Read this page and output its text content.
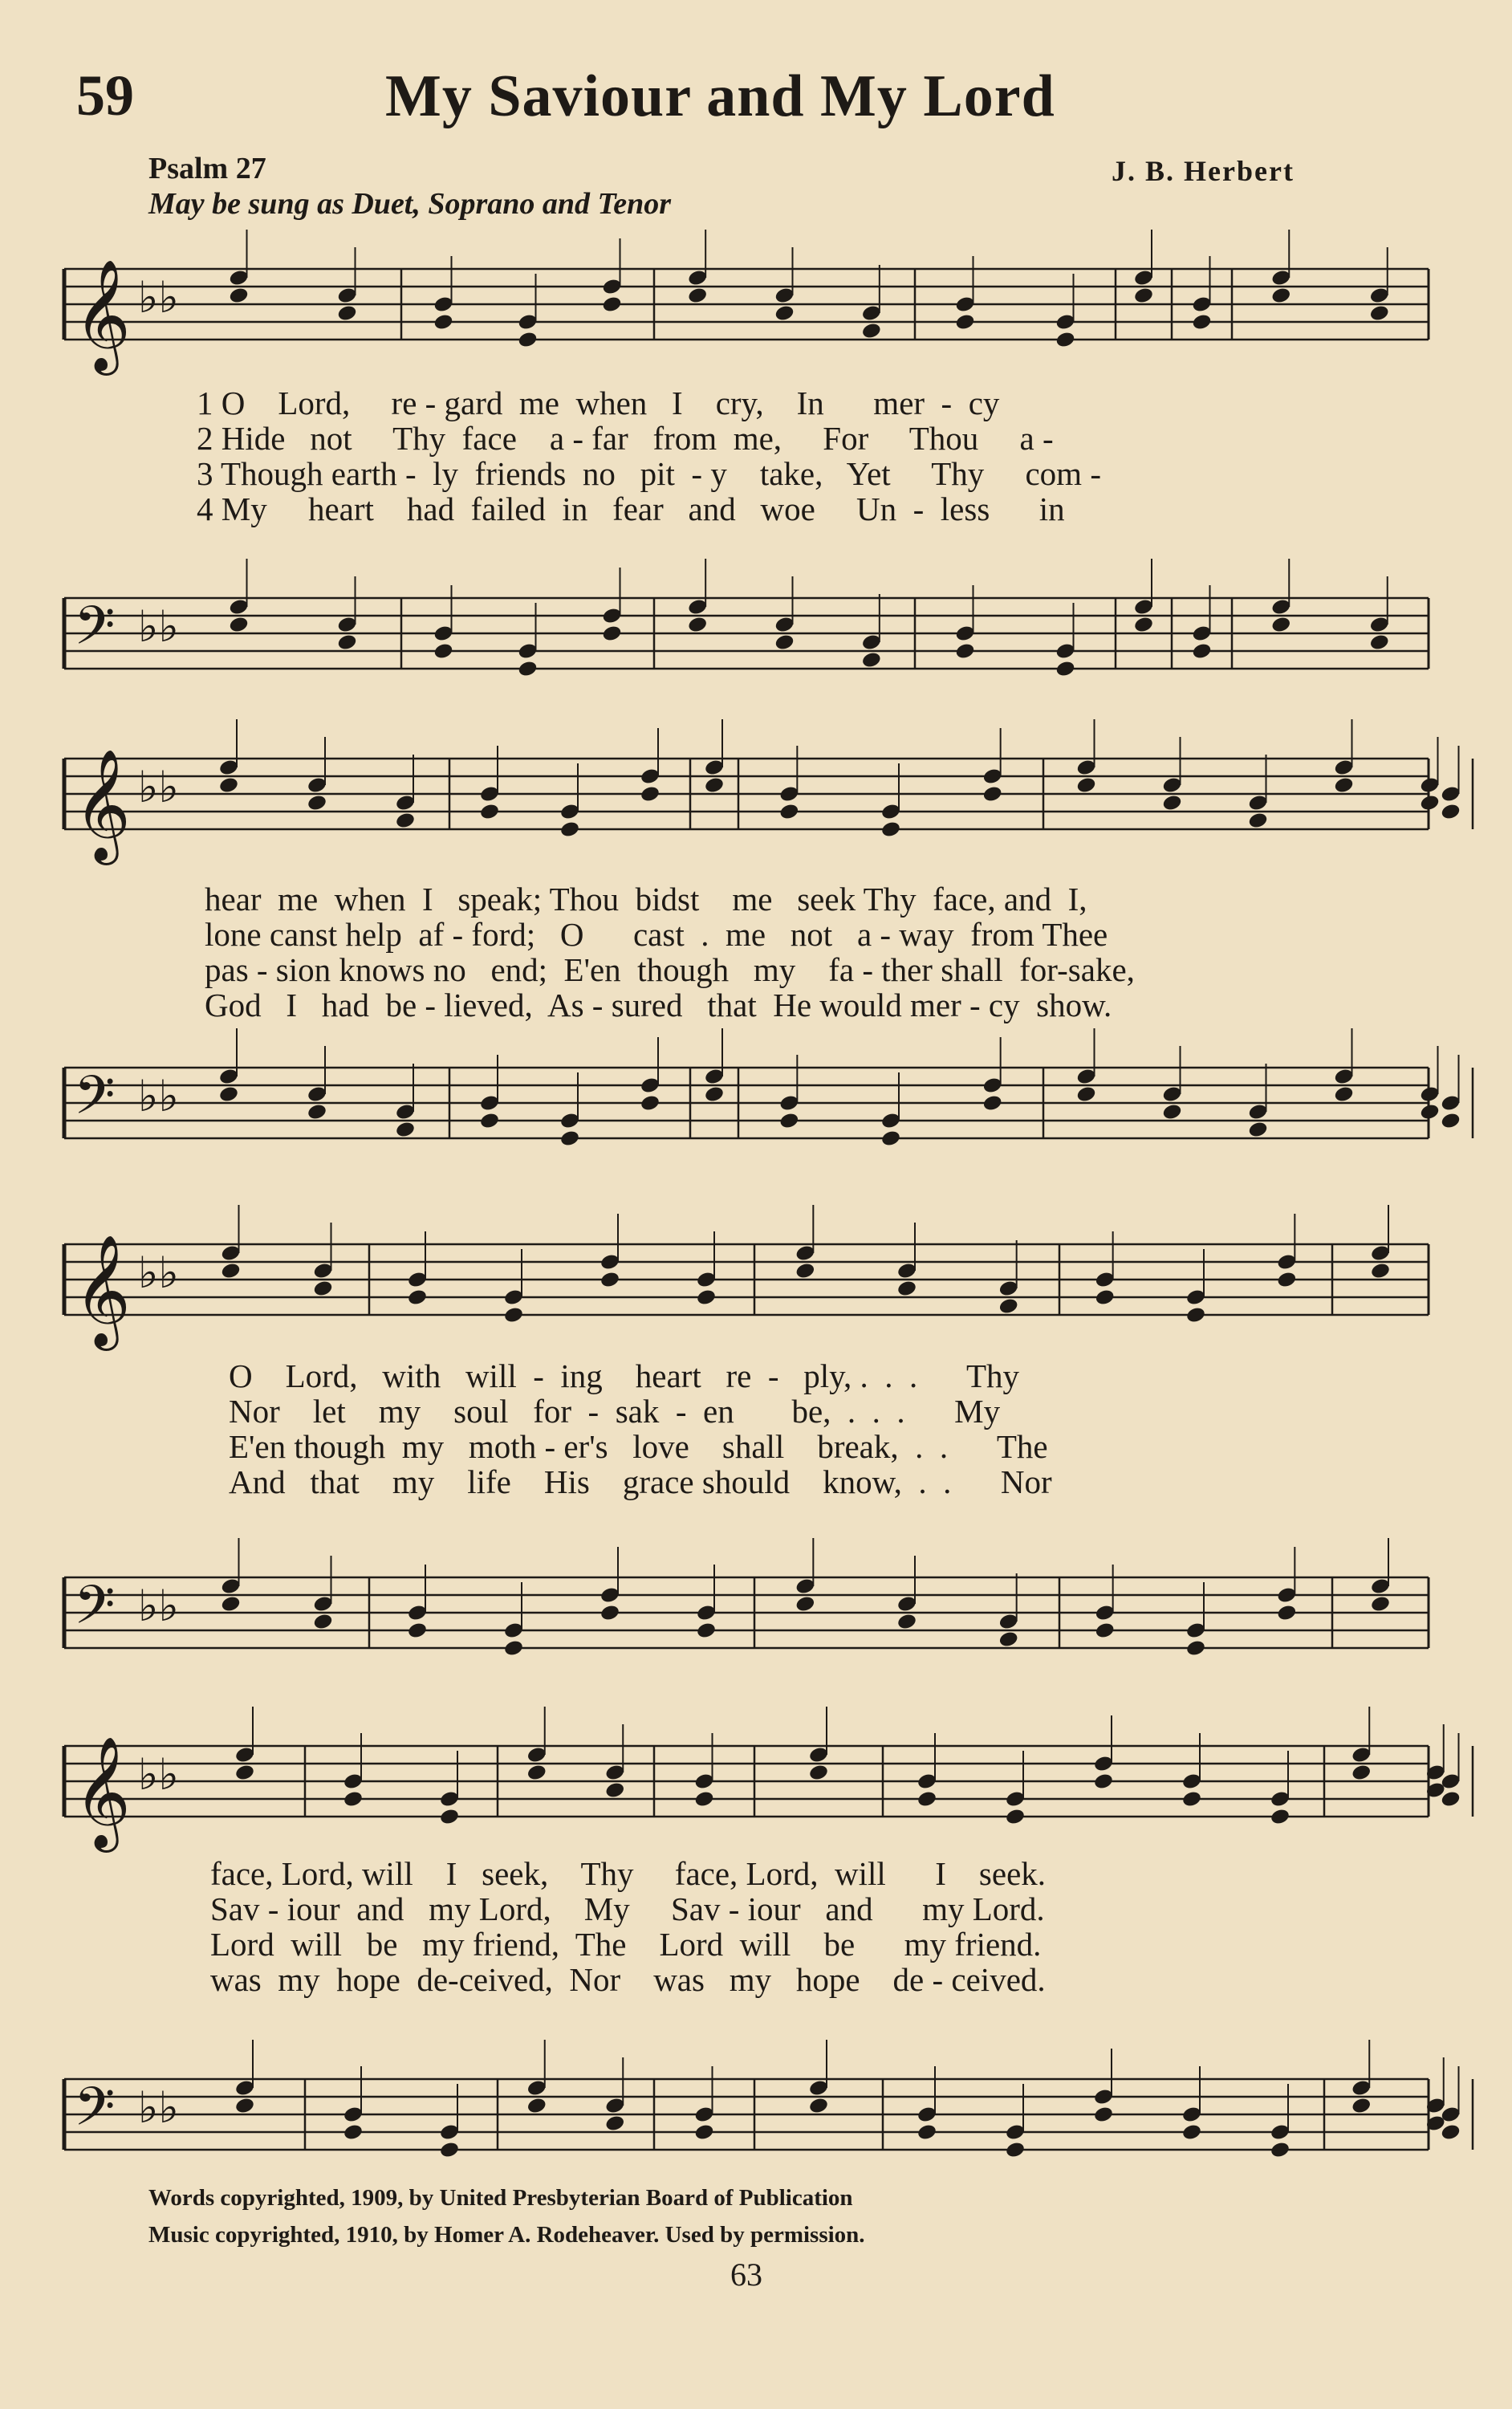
59	My Saviour and My Lord
Psalm 27
May be sung as Duet, Soprano and Tenor
J. B. Herbert
𝄞 ♭♭
1 O    Lord,     re - gard  me  when   I    cry,    In      mer  -  cy
2 Hide   not     Thy  face    a - far   from  me,     For     Thou     a -
3 Though earth -  ly  friends  no   pit  - y    take,   Yet     Thy     com -
4 My     heart    had  failed  in   fear   and   woe     Un  -  less      in
𝄢 ♭♭
𝄞 ♭♭
hear  me  when  I   speak; Thou  bidst    me   seek Thy  face, and  I,
lone canst help  af - ford;   O      cast  .  me   not   a - way  from Thee
pas - sion knows no   end;  E'en  though   my    fa - ther shall  for-sake,
God   I   had  be - lieved,  As - sured   that  He would mer - cy  show.
𝄢 ♭♭
𝄞 ♭♭
O    Lord,   with   will  -  ing    heart   re  -   ply, .  .  .      Thy
Nor    let    my    soul   for  -  sak  -  en       be,  .  .  .      My
E'en though  my   moth - er's   love    shall    break,  .  .      The
And   that    my    life    His    grace should    know,  .  .      Nor
𝄢 ♭♭
𝄞 ♭♭
face, Lord, will    I   seek,    Thy     face, Lord,  will      I    seek.
Sav - iour  and   my Lord,    My     Sav - iour   and      my Lord.
Lord  will   be   my friend,  The    Lord  will    be      my friend.
was  my  hope  de-ceived,  Nor    was   my   hope    de - ceived.
𝄢 ♭♭
Words copyrighted, 1909, by United Presbyterian Board of Publication
Music copyrighted, 1910, by Homer A. Rodeheaver. Used by permission.
63
